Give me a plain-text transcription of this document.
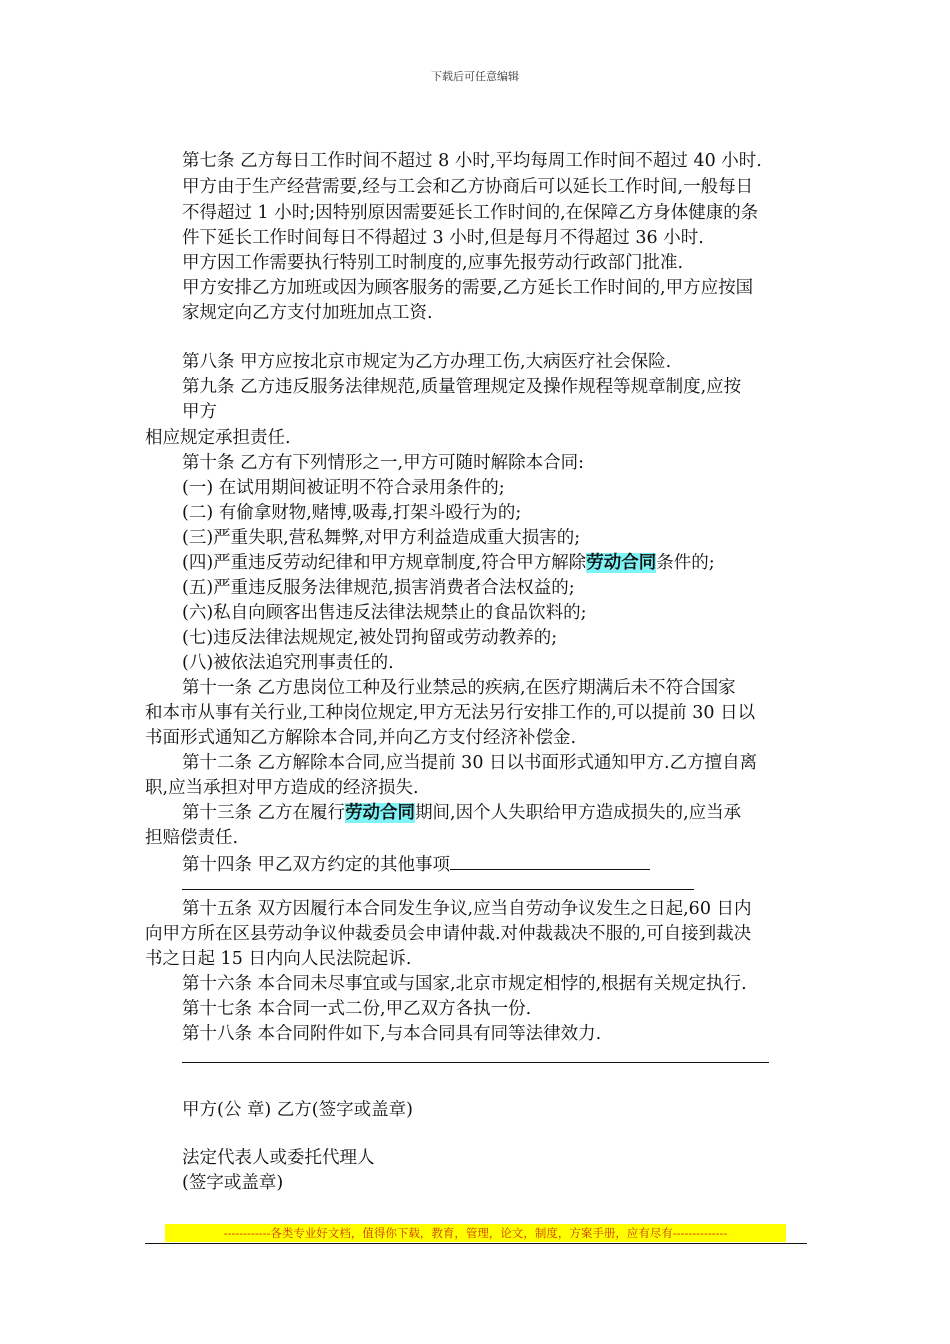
下载后可任意编辑
第七条 乙方每日工作时间不超过 8 小时,平均每周工作时间不超过 40 小时.
甲方由于生产经营需要,经与工会和乙方协商后可以延长工作时间,一般每日
不得超过 1 小时;因特别原因需要延长工作时间的,在保障乙方身体健康的条
件下延长工作时间每日不得超过 3 小时,但是每月不得超过 36 小时.
甲方因工作需要执行特别工时制度的,应事先报劳动行政部门批准.
甲方安排乙方加班或因为顾客服务的需要,乙方延长工作时间的,甲方应按国
家规定向乙方支付加班加点工资.
第八条 甲方应按北京市规定为乙方办理工伤,大病医疗社会保险.
第九条 乙方违反服务法律规范,质量管理规定及操作规程等规章制度,应按
甲方
相应规定承担责任.
第十条 乙方有下列情形之一,甲方可随时解除本合同:
(一) 在试用期间被证明不符合录用条件的;
(二) 有偷拿财物,赌博,吸毒,打架斗殴行为的;
(三)严重失职,营私舞弊,对甲方利益造成重大损害的;
(四)严重违反劳动纪律和甲方规章制度,符合甲方解除劳动合同条件的;
(五)严重违反服务法律规范,损害消费者合法权益的;
(六)私自向顾客出售违反法律法规禁止的食品饮料的;
(七)违反法律法规规定,被处罚拘留或劳动教养的;
(八)被依法追究刑事责任的.
第十一条 乙方患岗位工种及行业禁忌的疾病,在医疗期满后未不符合国家
和本市从事有关行业,工种岗位规定,甲方无法另行安排工作的,可以提前 30 日以
书面形式通知乙方解除本合同,并向乙方支付经济补偿金.
第十二条 乙方解除本合同,应当提前 30 日以书面形式通知甲方.乙方擅自离
职,应当承担对甲方造成的经济损失.
第十三条 乙方在履行劳动合同期间,因个人失职给甲方造成损失的,应当承
担赔偿责任.
第十四条 甲乙双方约定的其他事项
第十五条 双方因履行本合同发生争议,应当自劳动争议发生之日起,60 日内
向甲方所在区县劳动争议仲裁委员会申请仲裁.对仲裁裁决不服的,可自接到裁决
书之日起 15 日内向人民法院起诉.
第十六条 本合同未尽事宜或与国家,北京市规定相悖的,根据有关规定执行.
第十七条 本合同一式二份,甲乙双方各执一份.
第十八条 本合同附件如下,与本合同具有同等法律效力.
甲方(公 章) 乙方(签字或盖章)
法定代表人或委托代理人
(签字或盖章)
------------各类专业好文档，值得你下载，教育，管理，论文，制度，方案手册，应有尽有--------------
